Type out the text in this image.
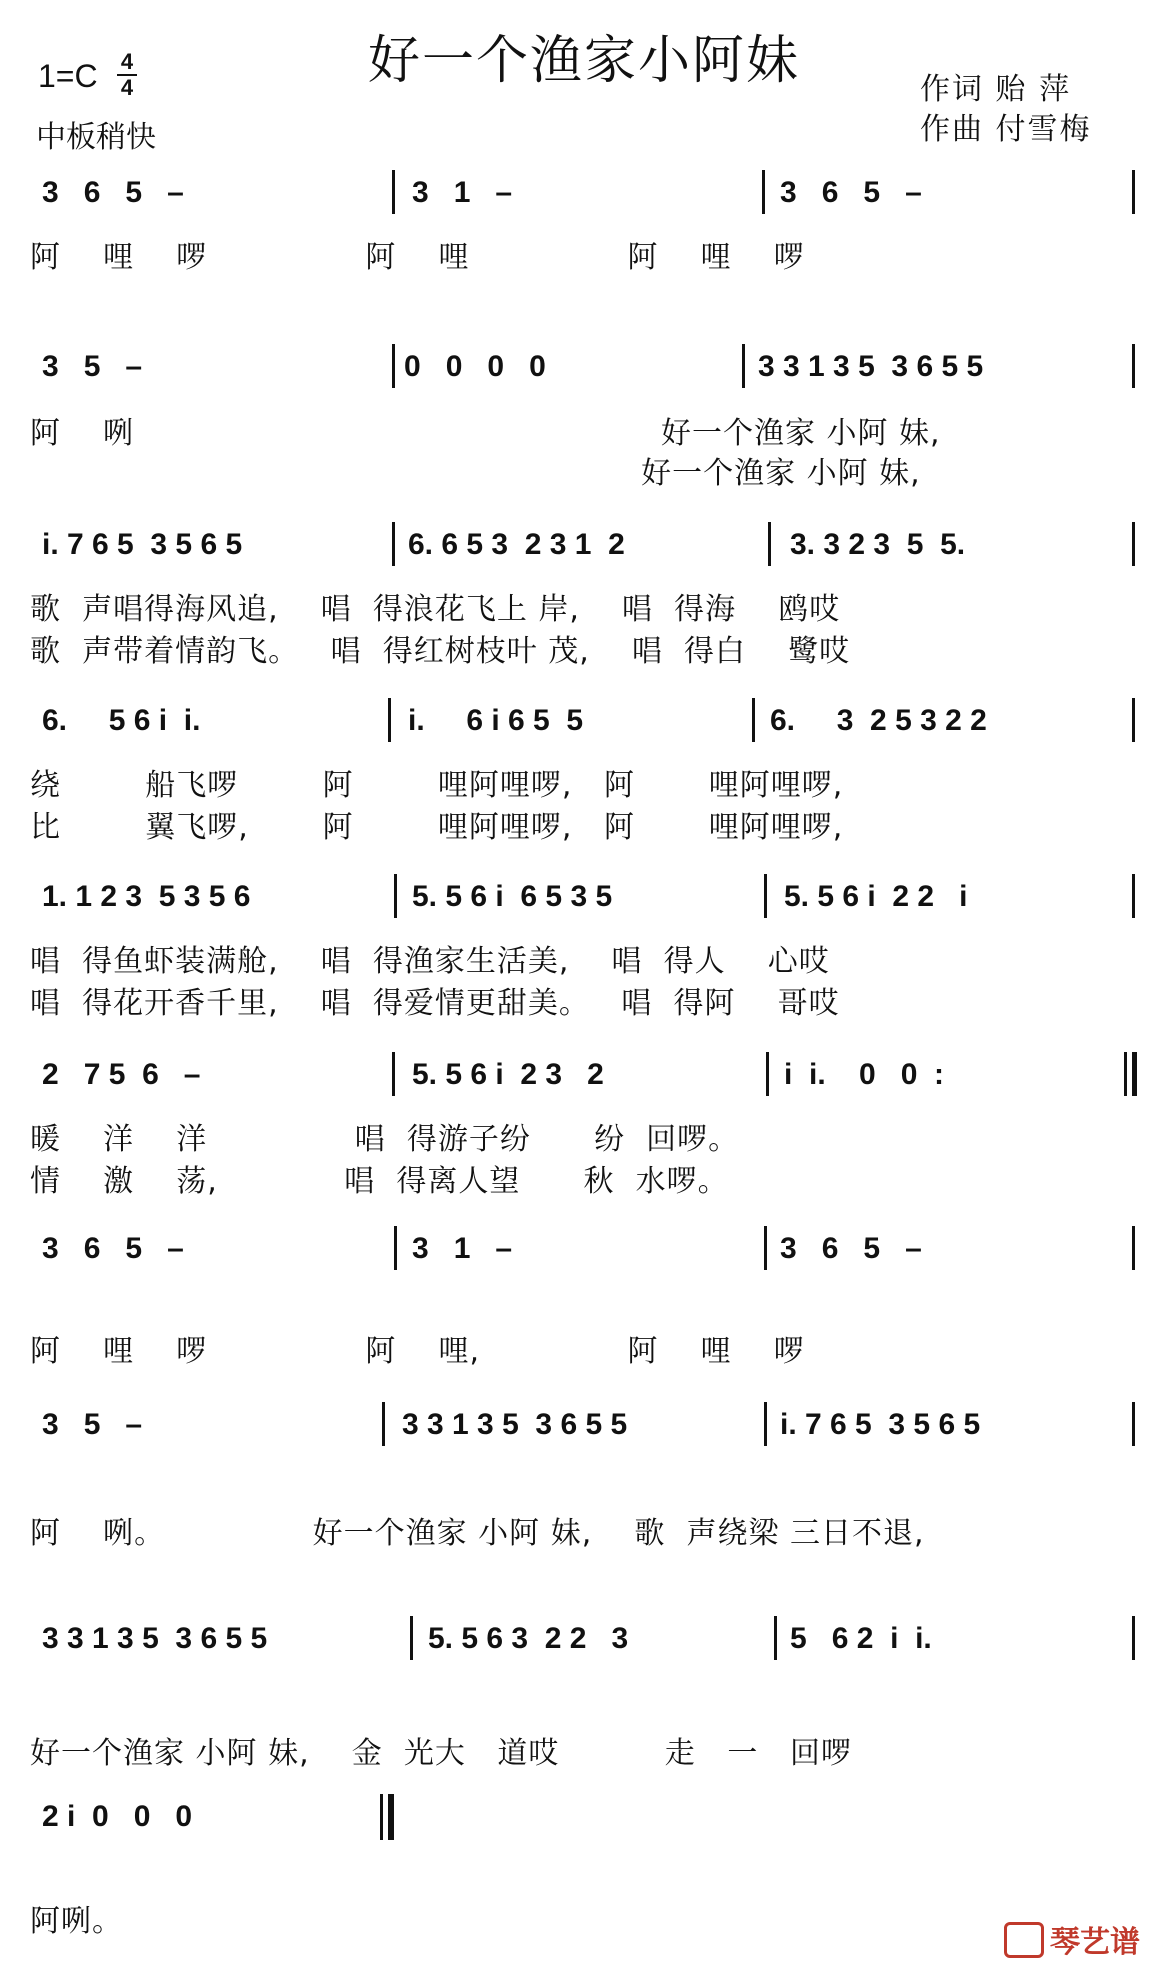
好一个渔家小阿妹
1=C 4
4
中板稍快
作词 贻 萍
作曲 付雪梅
3   6   5   –	3   1   –	3   6   5   –
阿    哩    啰               阿    哩               阿    哩    啰
3   5   –	0   0   0   0	3 3 1 3 5  3 6 5 5
阿    咧                                                  好一个渔家 小阿 妹,
好一个渔家 小阿 妹,
i. 7 6 5  3 5 6 5	6. 6 5 3  2 3 1  2	3. 3 2 3  5  5.
歌  声唱得海风追,    唱  得浪花飞上 岸,    唱  得海    鸥哎
歌  声带着情韵飞。   唱  得红树枝叶 茂,    唱  得白    鹭哎
6.     5 6 i  i.	i.     6 i 6 5  5	6.     3  2 5 3 2 2
绕        船飞啰        阿        哩阿哩啰,   阿       哩阿哩啰,
比        翼飞啰,       阿        哩阿哩啰,   阿       哩阿哩啰,
1. 1 2 3  5 3 5 6	5. 5 6 i  6 5 3 5	5. 5 6 i  2 2   i
唱  得鱼虾装满舱,    唱  得渔家生活美,    唱  得人    心哎
唱  得花开香千里,    唱  得爱情更甜美。   唱  得阿    哥哎
2   7 5  6   –	5. 5 6 i  2 3   2	i  i.    0   0  :
暖    洋    洋              唱  得游子纷      纷  回啰。
情    激    荡,            唱  得离人望      秋  水啰。
3   6   5   –	3   1   –	3   6   5   –
阿    哩    啰               阿    哩,              阿    哩    啰
3   5   –	3 3 1 3 5  3 6 5 5	i. 7 6 5  3 5 6 5
阿    咧。              好一个渔家 小阿 妹,    歌  声绕梁 三日不退,
3 3 1 3 5  3 6 5 5	5. 5 6 3  2 2   3	5   6 2  i  i.
好一个渔家 小阿 妹,    金  光大   道哎          走   一   回啰
2 i  0   0   0
阿咧。
琴艺谱
